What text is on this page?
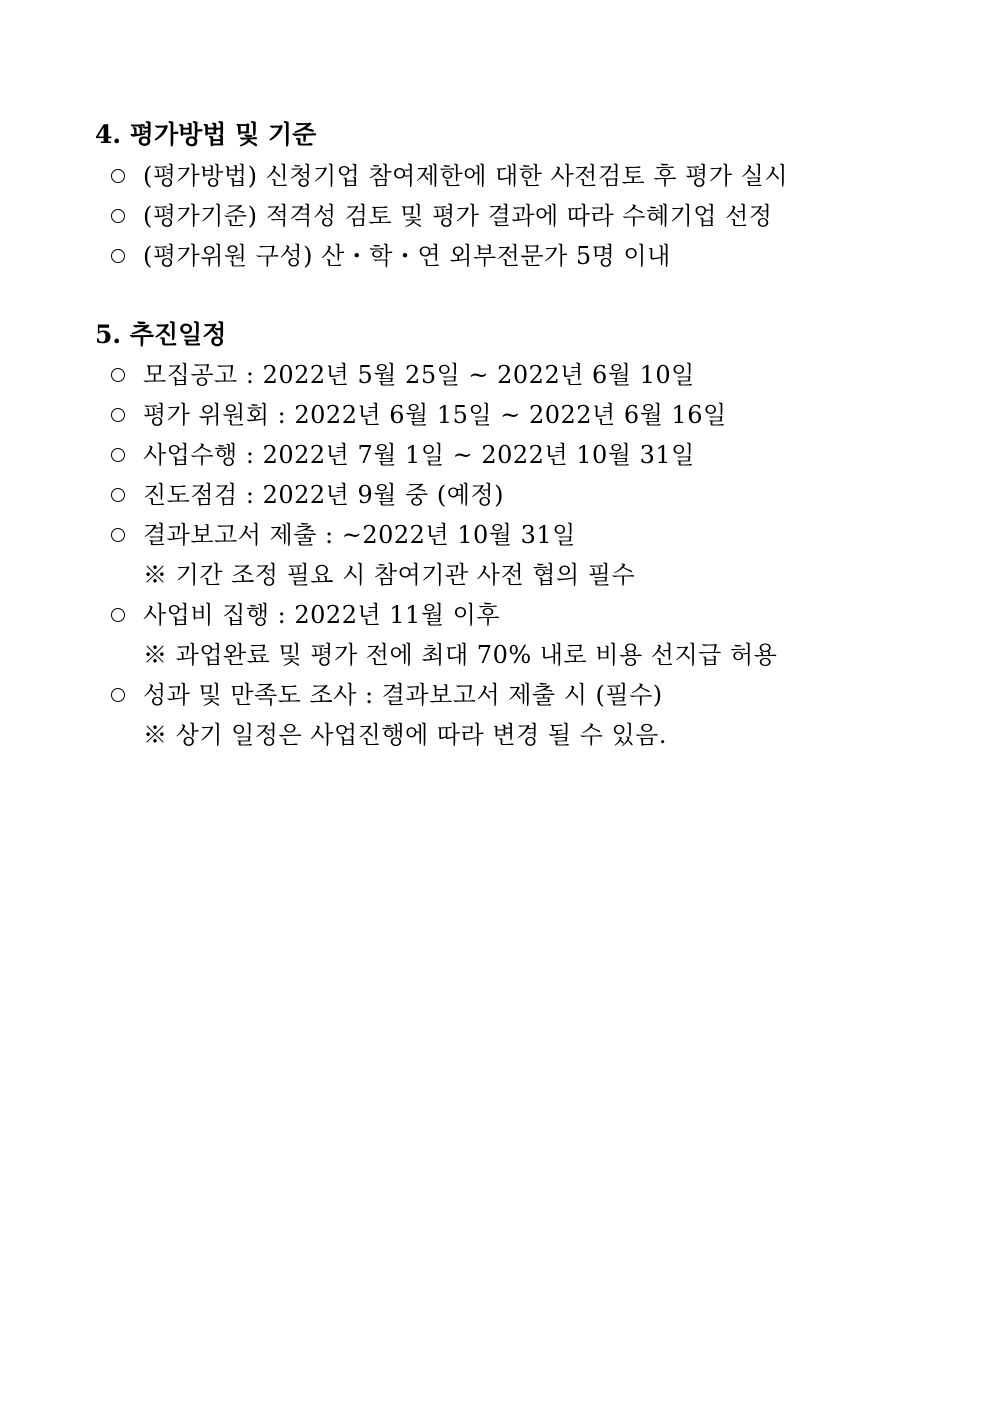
4. 평가방법 및 기준
(평가방법) 신청기업 참여제한에 대한 사전검토 후 평가 실시
(평가기준) 적격성 검토 및 평가 결과에 따라 수혜기업 선정
(평가위원 구성) 산・학・연 외부전문가 5명 이내
5. 추진일정
모집공고 : 2022년 5월 25일 ~ 2022년 6월 10일
평가 위원회 : 2022년 6월 15일 ~ 2022년 6월 16일
사업수행 : 2022년 7월 1일 ~ 2022년 10월 31일
진도점검 : 2022년 9월 중 (예정)
결과보고서 제출 : ~2022년 10월 31일
※ 기간 조정 필요 시 참여기관 사전 협의 필수
사업비 집행 : 2022년 11월 이후
※ 과업완료 및 평가 전에 최대 70% 내로 비용 선지급 허용
성과 및 만족도 조사 : 결과보고서 제출 시 (필수)
※ 상기 일정은 사업진행에 따라 변경 될 수 있음.
